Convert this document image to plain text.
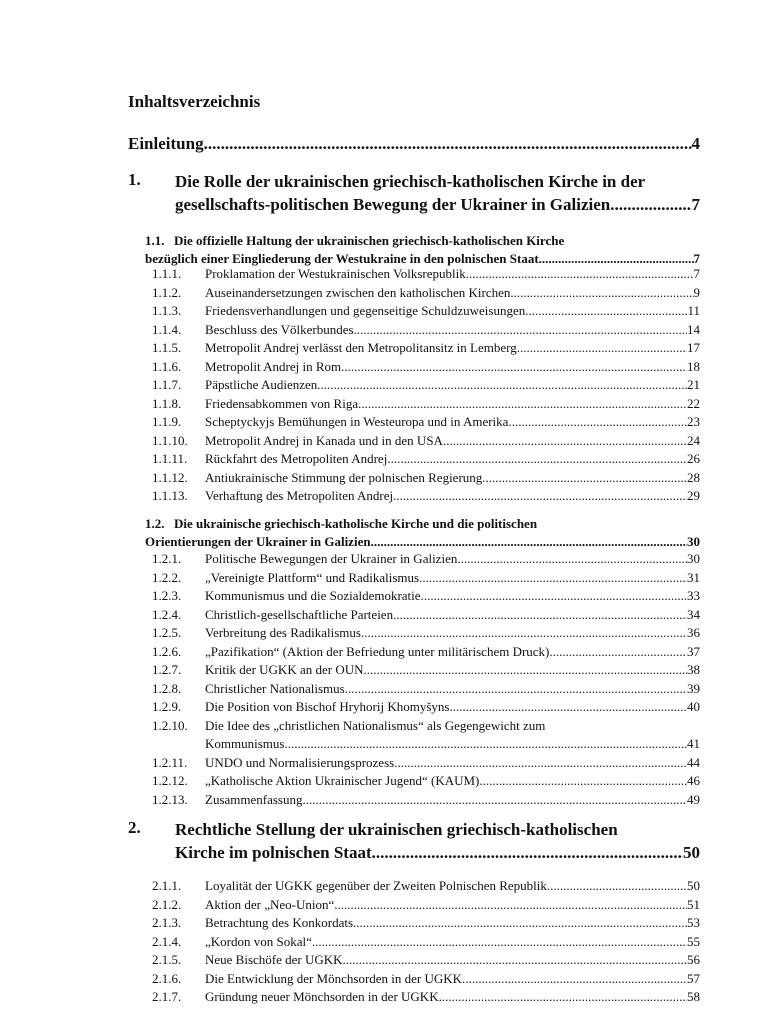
Inhaltsverzeichnis
Einleitung .....	4
1. Die Rolle der ukrainischen griechisch-katholischen Kirche in der
gesellschafts-politischen Bewegung der Ukrainer in Galizien .....	7
1.1. Die offizielle Haltung der ukrainischen griechisch-katholischen Kirche
bezüglich einer Eingliederung der Westukraine in den polnischen Staat .....	7
1.1.1. Proklamation der Westukrainischen Volksrepublik. .....	7
1.1.2. Auseinandersetzungen zwischen den katholischen Kirchen. .....	9
1.1.3. Friedensverhandlungen und gegenseitige Schuldzuweisungen. .....	11
1.1.4. Beschluss des Völkerbundes. .....	14
1.1.5. Metropolit Andrej verlässt den Metropolitansitz in Lemberg. .....	17
1.1.6. Metropolit Andrej in Rom. .....	18
1.1.7. Päpstliche Audienzen. .....	21
1.1.8. Friedensabkommen von Riga. .....	22
1.1.9. Scheptyckyjs Bemühungen in Westeuropa und in Amerika. .....	23
1.1.10. Metropolit Andrej in Kanada und in den USA. .....	24
1.1.11. Rückfahrt des Metropoliten Andrej. .....	26
1.1.12. Antiukrainische Stimmung der polnischen Regierung. .....	28
1.1.13. Verhaftung des Metropoliten Andrej. .....	29
1.2. Die ukrainische griechisch-katholische Kirche und die politischen
Orientierungen der Ukrainer in Galizien .....	30
1.2.1. Politische Bewegungen der Ukrainer in Galizien. .....	30
1.2.2. „Vereinigte Plattform“ und Radikalismus. .....	31
1.2.3. Kommunismus und die Sozialdemokratie. .....	33
1.2.4. Christlich-gesellschaftliche Parteien. .....	34
1.2.5. Verbreitung des Radikalismus. .....	36
1.2.6. „Pazifikation“ (Aktion der Befriedung unter militärischem Druck). .....	37
1.2.7. Kritik der UGKK an der OUN. .....	38
1.2.8. Christlicher Nationalismus. .....	39
1.2.9. Die Position von Bischof Hryhorij Khomyšyns. .....	40
1.2.10. Die Idee des „christlichen Nationalismus“ als Gegengewicht zum
Kommunismus. .....	41
1.2.11. UNDO und Normalisierungsprozess. .....	44
1.2.12. „Katholische Aktion Ukrainischer Jugend“ (KAUM). .....	46
1.2.13. Zusammenfassung. .....	49
2. Rechtliche Stellung der ukrainischen griechisch-katholischen
Kirche im polnischen Staat .....	50
2.1.1. Loyalität der UGKK gegenüber der Zweiten Polnischen Republik. .....	50
2.1.2. Aktion der „Neo-Union“. .....	51
2.1.3. Betrachtung des Konkordats. .....	53
2.1.4. „Kordon von Sokal“. .....	55
2.1.5. Neue Bischöfe der UGKK. .....	56
2.1.6. Die Entwicklung der Mönchsorden in der UGKK. .....	57
2.1.7. Gründung neuer Mönchsorden in der UGKK. .....	58
